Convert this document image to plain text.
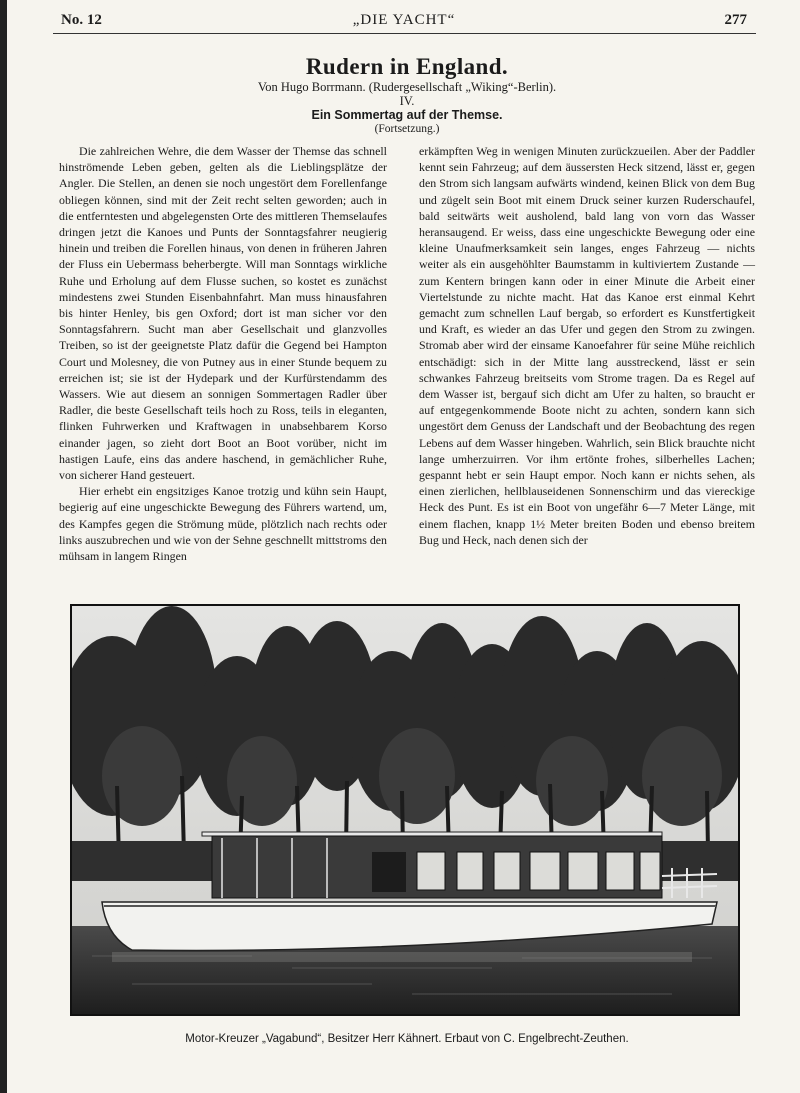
No. 12	„DIE YACHT“	277
Rudern in England.
Von Hugo Borrmann. (Rudergesellschaft „Wiking“-Berlin).
IV.
Ein Sommertag auf der Themse.
(Fortsetzung.)

Die zahlreichen Wehre, die dem Wasser der Themse das schnell hinströmende Leben geben, gelten als die Lieblingsplätze der Angler. Die Stellen, an denen sie noch ungestört dem Forellenfange obliegen können, sind mit der Zeit recht selten geworden; auch in die entferntesten und abgelegensten Orte des mittleren Themselaufes dringen jetzt die Kanoes und Punts der Sonntagsfahrer neugierig hinein und treiben die Forellen hinaus, von denen in früheren Jahren der Fluss ein Uebermass beherbergte. Will man Sonntags wirkliche Ruhe und Erholung auf dem Flusse suchen, so kostet es zunächst mindestens zwei Stunden Eisenbahnfahrt. Man muss hinausfahren bis hinter Henley, bis gen Oxford; dort ist man sicher vor den Sonntagsfahrern. Sucht man aber Gesellschait und glanzvolles Treiben, so ist der geeignetste Platz dafür die Gegend bei Hampton Court und Molesney, die von Putney aus in einer Stunde bequem zu erreichen ist; sie ist der Hydepark und der Kurfürstendamm des Wassers. Wie aut diesem an sonnigen Sommertagen Radler über Radler, die beste Gesellschaft teils hoch zu Ross, teils in eleganten, flinken Fuhrwerken und Kraftwagen in unabsehbarem Korso einander jagen, so zieht dort Boot an Boot vorüber, nicht im hastigen Laufe, eins das andere haschend, in gemächlicher Ruhe, von sicherer Hand gesteuert.

Hier erhebt ein engsitziges Kanoe trotzig und kühn sein Haupt, begierig auf eine ungeschickte Bewegung des Führers wartend, um, des Kampfes gegen die Strömung müde, plötzlich nach rechts oder links auszubrechen und wie von der Sehne geschnellt mittstroms den mühsam in langem Ringen

erkämpften Weg in wenigen Minuten zurückzueilen. Aber der Paddler kennt sein Fahrzeug; auf dem äussersten Heck sitzend, lässt er, gegen den Strom sich langsam aufwärts windend, keinen Blick von dem Bug und zügelt sein Boot mit einem Druck seiner kurzen Ruderschaufel, bald seitwärts weit ausholend, bald lang von vorn das Wasser heransaugend. Er weiss, dass eine ungeschickte Bewegung oder eine kleine Unaufmerksamkeit sein langes, enges Fahrzeug — nichts weiter als ein ausgehöhlter Baumstamm in kultiviertem Zustande — zum Kentern bringen kann oder in einer Minute die Arbeit einer Viertelstunde zu nichte macht. Hat das Kanoe erst einmal Kehrt gemacht zum schnellen Lauf bergab, so erfordert es Kunstfertigkeit und Kraft, es wieder an das Ufer und gegen den Strom zu zwingen. Stromab aber wird der einsame Kanoefahrer für seine Mühe reichlich entschädigt: sich in der Mitte lang ausstreckend, lässt er sein schwankes Fahrzeug breitseits vom Strome tragen. Da es Regel auf dem Wasser ist, bergauf sich dicht am Ufer zu halten, so braucht er auf entgegenkommende Boote nicht zu achten, sondern kann sich ungestört dem Genuss der Landschaft und der Beobachtung des regen Lebens auf dem Wasser hingeben. Wahrlich, sein Blick brauchte nicht lange umherzuirren. Vor ihm ertönte frohes, silberhelles Lachen; gespannt hebt er sein Haupt empor. Noch kann er nichts sehen, als einen zierlichen, hellblauseidenen Sonnenschirm und das viereckige Heck des Punt. Es ist ein Boot von ungefähr 6—7 Meter Länge, mit einem flachen, knapp 1½ Meter breiten Boden und ebenso breitem Bug und Heck, nach denen sich der

Motor-Kreuzer „Vagabund“, Besitzer Herr Kähnert. Erbaut von C. Engelbrecht-Zeuthen.
